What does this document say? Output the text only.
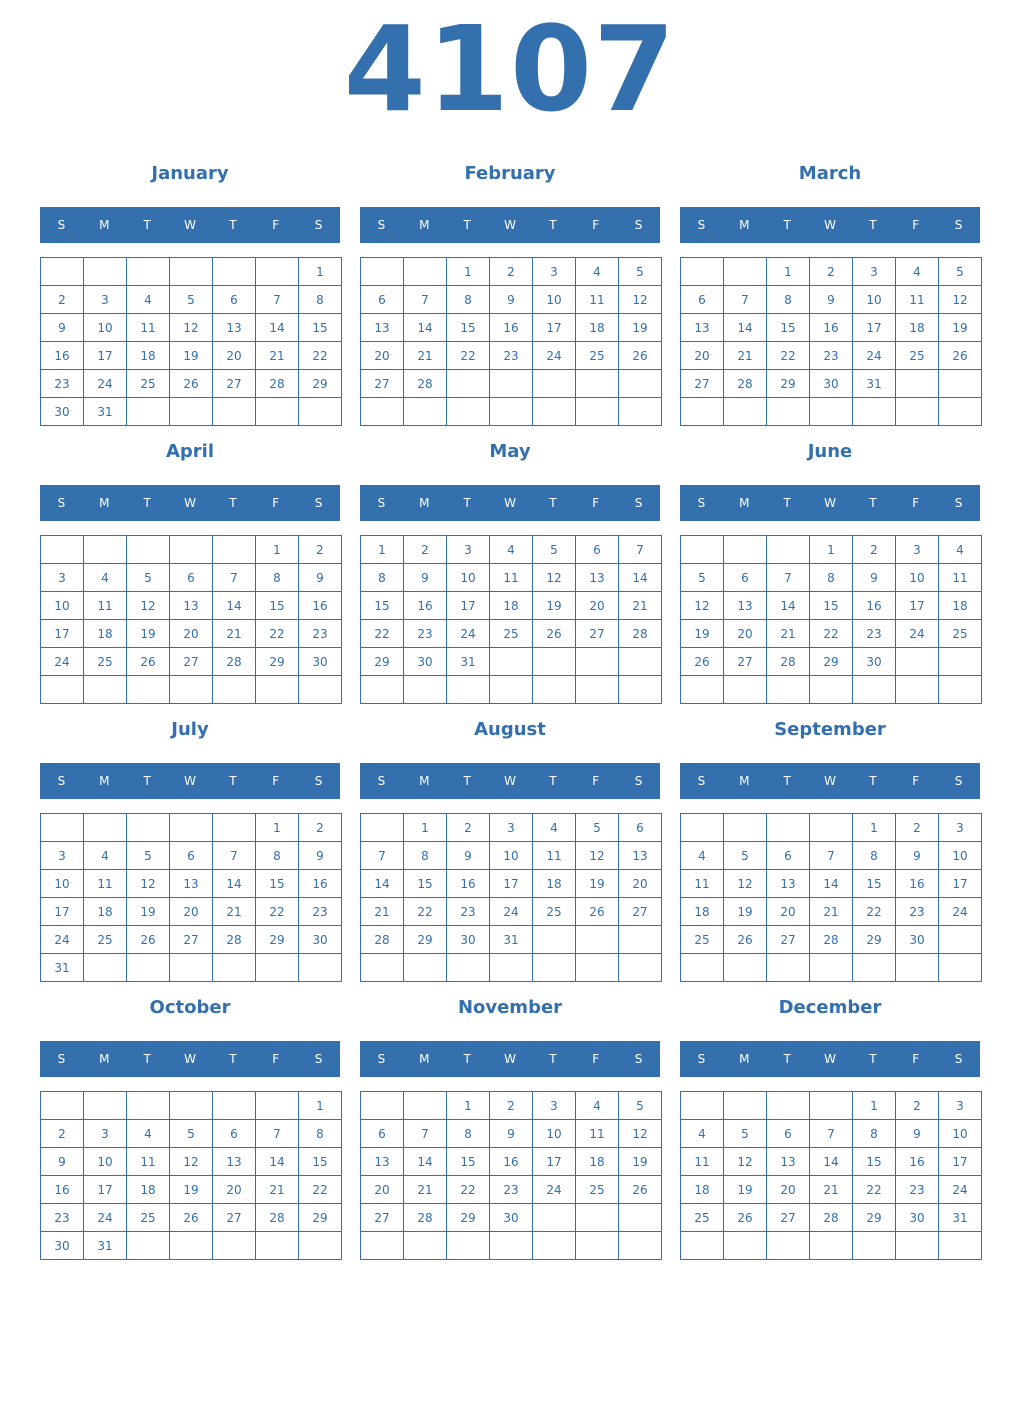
4107
January
S	M	T	W	T	F	S
						1
2	3	4	5	6	7	8
9	10	11	12	13	14	15
16	17	18	19	20	21	22
23	24	25	26	27	28	29
30	31					
February
S	M	T	W	T	F	S
		1	2	3	4	5
6	7	8	9	10	11	12
13	14	15	16	17	18	19
20	21	22	23	24	25	26
27	28					

March
S	M	T	W	T	F	S
		1	2	3	4	5
6	7	8	9	10	11	12
13	14	15	16	17	18	19
20	21	22	23	24	25	26
27	28	29	30	31		

April
S	M	T	W	T	F	S
					1	2
3	4	5	6	7	8	9
10	11	12	13	14	15	16
17	18	19	20	21	22	23
24	25	26	27	28	29	30

May
S	M	T	W	T	F	S
1	2	3	4	5	6	7
8	9	10	11	12	13	14
15	16	17	18	19	20	21
22	23	24	25	26	27	28
29	30	31				

June
S	M	T	W	T	F	S
			1	2	3	4
5	6	7	8	9	10	11
12	13	14	15	16	17	18
19	20	21	22	23	24	25
26	27	28	29	30		

July
S	M	T	W	T	F	S
					1	2
3	4	5	6	7	8	9
10	11	12	13	14	15	16
17	18	19	20	21	22	23
24	25	26	27	28	29	30
31						
August
S	M	T	W	T	F	S
	1	2	3	4	5	6
7	8	9	10	11	12	13
14	15	16	17	18	19	20
21	22	23	24	25	26	27
28	29	30	31			

September
S	M	T	W	T	F	S
				1	2	3
4	5	6	7	8	9	10
11	12	13	14	15	16	17
18	19	20	21	22	23	24
25	26	27	28	29	30	

October
S	M	T	W	T	F	S
						1
2	3	4	5	6	7	8
9	10	11	12	13	14	15
16	17	18	19	20	21	22
23	24	25	26	27	28	29
30	31					
November
S	M	T	W	T	F	S
		1	2	3	4	5
6	7	8	9	10	11	12
13	14	15	16	17	18	19
20	21	22	23	24	25	26
27	28	29	30			

December
S	M	T	W	T	F	S
				1	2	3
4	5	6	7	8	9	10
11	12	13	14	15	16	17
18	19	20	21	22	23	24
25	26	27	28	29	30	31
